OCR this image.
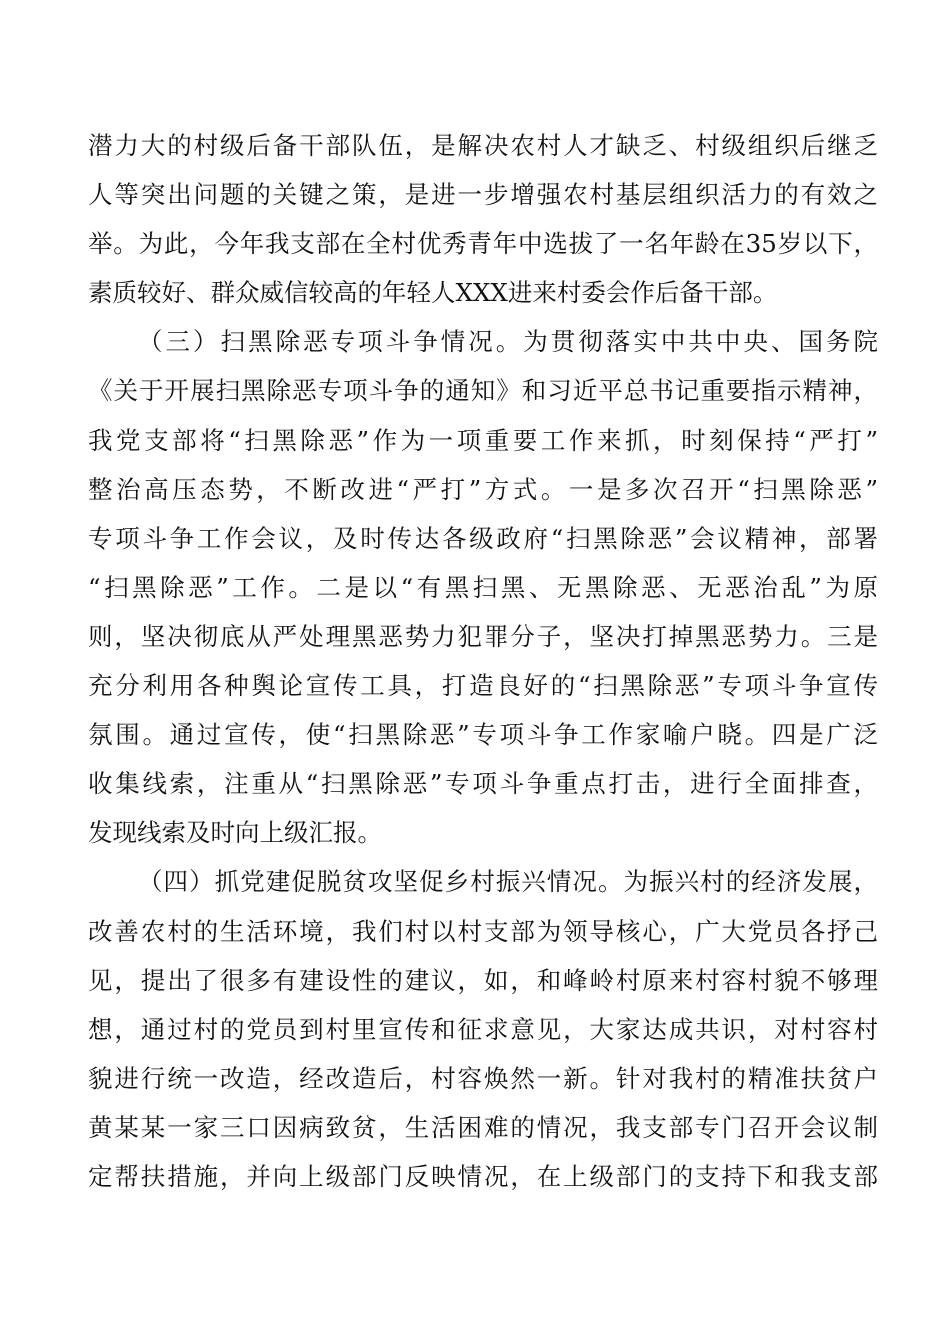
潜力大的村级后备干部队伍，是解决农村人才缺乏、村级组织后继乏
人等突出问题的关键之策，是进一步增强农村基层组织活力的有效之
举。为此，今年我支部在全村优秀青年中选拔了一名年龄在35岁以下，
素质较好、群众威信较高的年轻人XXX进来村委会作后备干部。
（三）扫黑除恶专项斗争情况。为贯彻落实中共中央、国务院
《关于开展扫黑除恶专项斗争的通知》和习近平总书记重要指示精神，
我党支部将“扫黑除恶”作为一项重要工作来抓，时刻保持“严打”
整治高压态势，不断改进“严打”方式。一是多次召开“扫黑除恶”
专项斗争工作会议，及时传达各级政府“扫黑除恶”会议精神，部署
“扫黑除恶”工作。二是以“有黑扫黑、无黑除恶、无恶治乱”为原
则，坚决彻底从严处理黑恶势力犯罪分子，坚决打掉黑恶势力。三是
充分利用各种舆论宣传工具，打造良好的“扫黑除恶”专项斗争宣传
氛围。通过宣传，使“扫黑除恶”专项斗争工作家喻户晓。四是广泛
收集线索，注重从“扫黑除恶”专项斗争重点打击，进行全面排查，
发现线索及时向上级汇报。
（四）抓党建促脱贫攻坚促乡村振兴情况。为振兴村的经济发展，
改善农村的生活环境，我们村以村支部为领导核心，广大党员各抒己
见，提出了很多有建设性的建议，如，和峰岭村原来村容村貌不够理
想，通过村的党员到村里宣传和征求意见，大家达成共识，对村容村
貌进行统一改造，经改造后，村容焕然一新。针对我村的精准扶贫户
黄某某一家三口因病致贫，生活困难的情况，我支部专门召开会议制
定帮扶措施，并向上级部门反映情况，在上级部门的支持下和我支部
